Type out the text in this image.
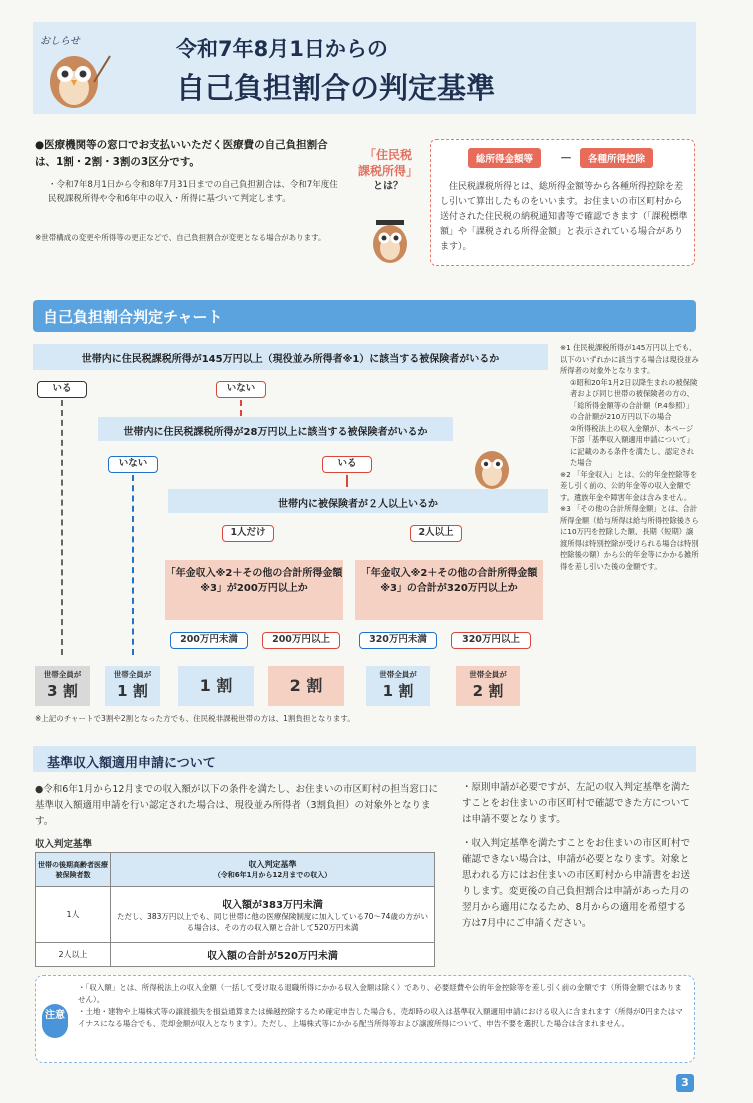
おしらせ	令和7年8月1日からの
自己負担割合の判定基準
●医療機関等の窓口でお支払いいただく医療費の自己負担割合は、1割・2割・3割の3区分です。
・令和7年8月1日から令和8年7月31日までの自己負担割合は、令和7年度住民税課税所得や令和6年中の収入・所得に基づいて判定します。
※世帯構成の変更や所得等の更正などで、自己負担割合が変更となる場合があります。
「住民税
課税所得」
とは？
総所得金額等	－	各種所得控除
住民税課税所得とは、総所得金額等から各種所得控除を差し引いて算出したものをいいます。お住まいの市区町村から送付された住民税の納税通知書等で確認できます（「課税標準額」や「課税される所得金額」と表示されている場合があります）。
自己負担割合判定チャート
世帯内に住民税課税所得が145万円以上（現役並み所得者※1）に該当する被保険者がいるか
いる	いない
世帯内に住民税課税所得が28万円以上に該当する被保険者がいるか
いない	いる
世帯内に被保険者が２人以上いるか
1人だけ	2人以上
「年金収入※2＋その他の合計所得金額※3」が200万円以上か
「年金収入※2＋その他の合計所得金額※3」の合計が320万円以上か
200万円未満	200万円以上	320万円未満	320万円以上
世帯全員が
3 割
世帯全員が
1 割	1 割	2 割
世帯全員が
1 割
世帯全員が
2 割
※上記のチャートで3割や2割となった方でも、住民税非課税世帯の方は、1割負担となります。
※1 住民税課税所得が145万円以上でも、以下のいずれかに該当する場合は現役並み所得者の対象外となります。
①昭和20年1月2日以降生まれの被保険者および同じ世帯の被保険者の方の、「総所得金額等の合計額（P.4参照）」の合計額が210万円以下の場合
②所得税法上の収入金額が、本ページ下部「基準収入額適用申請について」に記載のある条件を満たし、認定された場合
※2 「年金収入」とは、公的年金控除等を差し引く前の、公的年金等の収入金額です。遺族年金や障害年金は含みません。
※3 「その他の合計所得金額」とは、合計所得金額（給与所得は給与所得控除後さらに10万円を控除した額、長期（短期）譲渡所得は特別控除が受けられる場合は特別控除後の額）から公的年金等にかかる雑所得を差し引いた後の金額です。
基準収入額適用申請について
●令和6年1月から12月までの収入額が以下の条件を満たし、お住まいの市区町村の担当窓口に基準収入額適用申請を行い認定された場合は、現役並み所得者（3割負担）の対象外となります。
収入判定基準
世帯の後期高齢者医療被保険者数	収入判定基準
（令和6年1月から12月までの収入）

1人	収入額が383万円未満
ただし、383万円以上でも、同じ世帯に他の医療保険制度に加入している70～74歳の方がいる場合は、その方の収入額と合計して520万円未満

2人以上	収入額の合計が520万円未満
・原則申請が必要ですが、左記の収入判定基準を満たすことをお住まいの市区町村で確認できた方については申請不要となります。
・収入判定基準を満たすことをお住まいの市区町村で確認できない場合は、申請が必要となります。対象と思われる方にはお住まいの市区町村から申請書をお送りします。変更後の自己負担割合は申請があった月の翌月から適用になるため、8月からの適用を希望する方は7月中にご申請ください。
注意
・「収入額」とは、所得税法上の収入金額（一括して受け取る退職所得にかかる収入金額は除く）であり、必要経費や公的年金控除等を差し引く前の金額です（所得金額ではありません）。
・土地・建物や上場株式等の譲渡損失を損益通算または繰越控除するため確定申告した場合も、売却時の収入は基準収入額適用申請における収入に含まれます（所得が0円またはマイナスになる場合でも、売却金額が収入となります）。ただし、上場株式等にかかる配当所得等および譲渡所得について、申告不要を選択した場合は含まれません。
3
